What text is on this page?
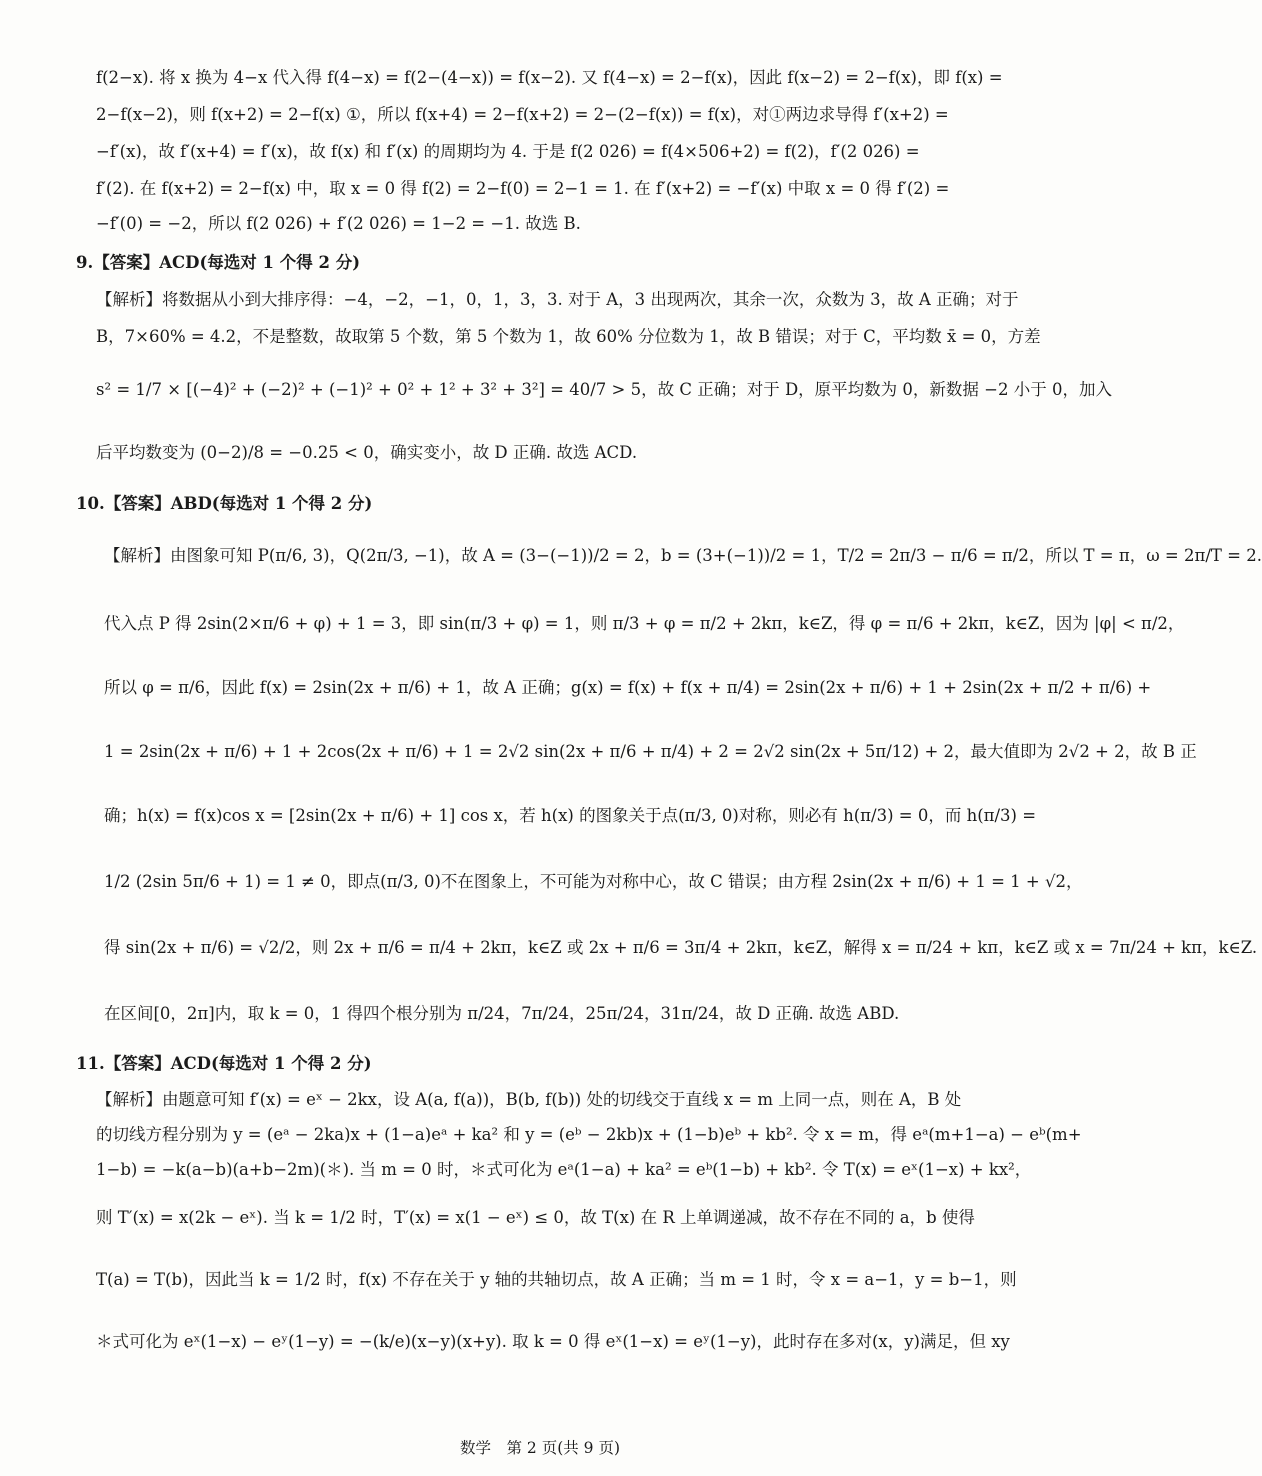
f(2−x). 将 x 换为 4−x 代入得 f(4−x) = f(2−(4−x)) = f(x−2). 又 f(4−x) = 2−f(x)，因此 f(x−2) = 2−f(x)，即 f(x) =
2−f(x−2)，则 f(x+2) = 2−f(x) ①，所以 f(x+4) = 2−f(x+2) = 2−(2−f(x)) = f(x)，对①两边求导得 f′(x+2) =
−f′(x)，故 f′(x+4) = f′(x)，故 f(x) 和 f′(x) 的周期均为 4. 于是 f(2 026) = f(4×506+2) = f(2)，f′(2 026) =
f′(2). 在 f(x+2) = 2−f(x) 中，取 x = 0 得 f(2) = 2−f(0) = 2−1 = 1. 在 f′(x+2) = −f′(x) 中取 x = 0 得 f′(2) =
−f′(0) = −2，所以 f(2 026) + f′(2 026) = 1−2 = −1. 故选 B.
9.【答案】ACD(每选对 1 个得 2 分)
【解析】将数据从小到大排序得：−4，−2，−1，0，1，3，3. 对于 A，3 出现两次，其余一次，众数为 3，故 A 正确；对于
B，7×60% = 4.2，不是整数，故取第 5 个数，第 5 个数为 1，故 60% 分位数为 1，故 B 错误；对于 C，平均数 x̄ = 0，方差
s² = 1/7 × [(−4)² + (−2)² + (−1)² + 0² + 1² + 3² + 3²] = 40/7 > 5，故 C 正确；对于 D，原平均数为 0，新数据 −2 小于 0，加入
后平均数变为 (0−2)/8 = −0.25 < 0，确实变小，故 D 正确. 故选 ACD.
10.【答案】ABD(每选对 1 个得 2 分)
【解析】由图象可知 P(π/6, 3)，Q(2π/3, −1)，故 A = (3−(−1))/2 = 2，b = (3+(−1))/2 = 1，T/2 = 2π/3 − π/6 = π/2，所以 T = π，ω = 2π/T = 2.
代入点 P 得 2sin(2×π/6 + φ) + 1 = 3，即 sin(π/3 + φ) = 1，则 π/3 + φ = π/2 + 2kπ，k∈Z，得 φ = π/6 + 2kπ，k∈Z，因为 |φ| < π/2，
所以 φ = π/6，因此 f(x) = 2sin(2x + π/6) + 1，故 A 正确；g(x) = f(x) + f(x + π/4) = 2sin(2x + π/6) + 1 + 2sin(2x + π/2 + π/6) +
1 = 2sin(2x + π/6) + 1 + 2cos(2x + π/6) + 1 = 2√2 sin(2x + π/6 + π/4) + 2 = 2√2 sin(2x + 5π/12) + 2，最大值即为 2√2 + 2，故 B 正
确；h(x) = f(x)cos x = [2sin(2x + π/6) + 1] cos x，若 h(x) 的图象关于点(π/3, 0)对称，则必有 h(π/3) = 0，而 h(π/3) =
1/2 (2sin 5π/6 + 1) = 1 ≠ 0，即点(π/3, 0)不在图象上，不可能为对称中心，故 C 错误；由方程 2sin(2x + π/6) + 1 = 1 + √2，
得 sin(2x + π/6) = √2/2，则 2x + π/6 = π/4 + 2kπ，k∈Z 或 2x + π/6 = 3π/4 + 2kπ，k∈Z，解得 x = π/24 + kπ，k∈Z 或 x = 7π/24 + kπ，k∈Z.
在区间[0，2π]内，取 k = 0，1 得四个根分别为 π/24，7π/24，25π/24，31π/24，故 D 正确. 故选 ABD.
11.【答案】ACD(每选对 1 个得 2 分)
【解析】由题意可知 f′(x) = eˣ − 2kx，设 A(a, f(a))，B(b, f(b)) 处的切线交于直线 x = m 上同一点，则在 A，B 处
的切线方程分别为 y = (eᵃ − 2ka)x + (1−a)eᵃ + ka² 和 y = (eᵇ − 2kb)x + (1−b)eᵇ + kb². 令 x = m，得 eᵃ(m+1−a) − eᵇ(m+
1−b) = −k(a−b)(a+b−2m)(＊). 当 m = 0 时，＊式可化为 eᵃ(1−a) + ka² = eᵇ(1−b) + kb². 令 T(x) = eˣ(1−x) + kx²，
则 T′(x) = x(2k − eˣ). 当 k = 1/2 时，T′(x) = x(1 − eˣ) ≤ 0，故 T(x) 在 R 上单调递减，故不存在不同的 a，b 使得
T(a) = T(b)，因此当 k = 1/2 时，f(x) 不存在关于 y 轴的共轴切点，故 A 正确；当 m = 1 时，令 x = a−1，y = b−1，则
＊式可化为 eˣ(1−x) − eʸ(1−y) = −(k/e)(x−y)(x+y). 取 k = 0 得 eˣ(1−x) = eʸ(1−y)，此时存在多对(x，y)满足，但 xy
数学　第 2 页(共 9 页)
